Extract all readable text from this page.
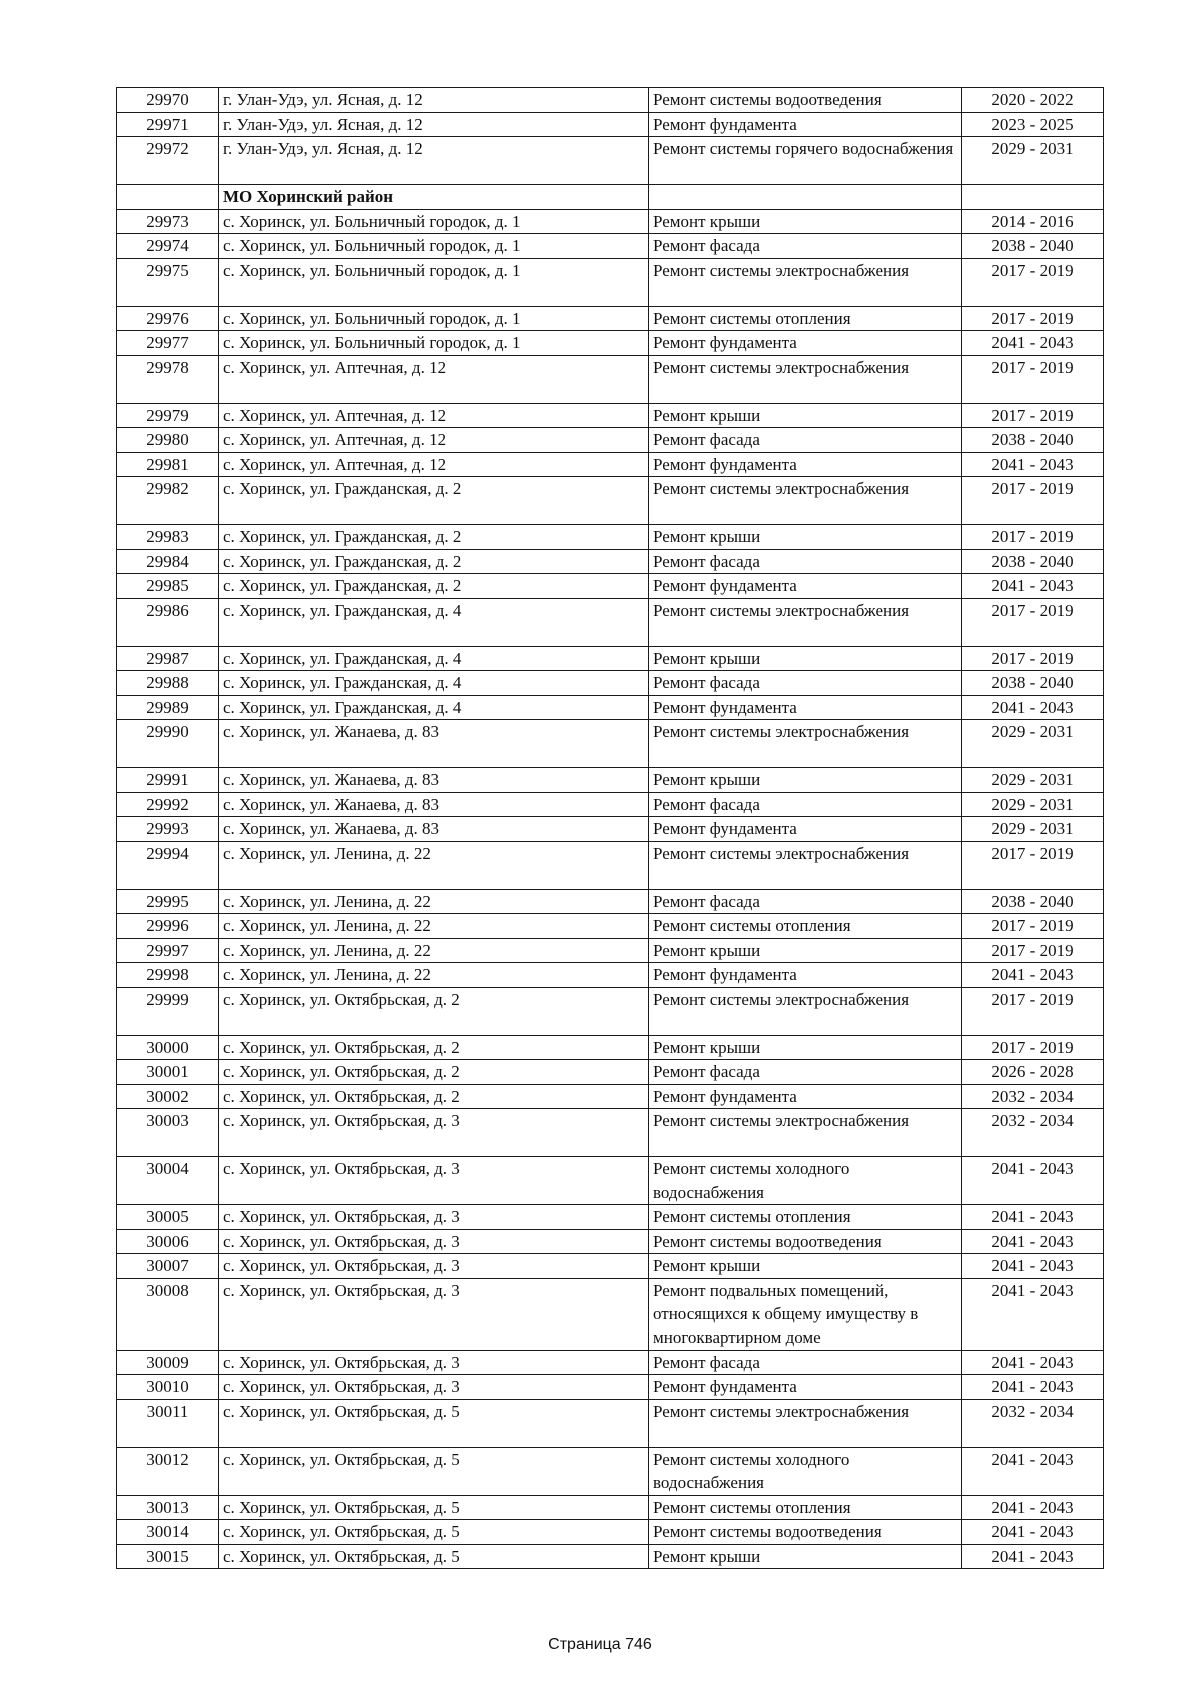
29970	г. Улан-Удэ, ул. Ясная, д. 12	Ремонт системы водоотведения	2020 - 2022
29971	г. Улан-Удэ, ул. Ясная, д. 12	Ремонт фундамента	2023 - 2025
29972	г. Улан-Удэ, ул. Ясная, д. 12	Ремонт системы горячего водоснабжения	2029 - 2031
	МО Хоринский район		
29973	с. Хоринск, ул. Больничный городок, д. 1	Ремонт крыши	2014 - 2016
29974	с. Хоринск, ул. Больничный городок, д. 1	Ремонт фасада	2038 - 2040
29975	с. Хоринск, ул. Больничный городок, д. 1	Ремонт системы электроснабжения	2017 - 2019
29976	с. Хоринск, ул. Больничный городок, д. 1	Ремонт системы отопления	2017 - 2019
29977	с. Хоринск, ул. Больничный городок, д. 1	Ремонт фундамента	2041 - 2043
29978	с. Хоринск, ул. Аптечная, д. 12	Ремонт системы электроснабжения	2017 - 2019
29979	с. Хоринск, ул. Аптечная, д. 12	Ремонт крыши	2017 - 2019
29980	с. Хоринск, ул. Аптечная, д. 12	Ремонт фасада	2038 - 2040
29981	с. Хоринск, ул. Аптечная, д. 12	Ремонт фундамента	2041 - 2043
29982	с. Хоринск, ул. Гражданская, д. 2	Ремонт системы электроснабжения	2017 - 2019
29983	с. Хоринск, ул. Гражданская, д. 2	Ремонт крыши	2017 - 2019
29984	с. Хоринск, ул. Гражданская, д. 2	Ремонт фасада	2038 - 2040
29985	с. Хоринск, ул. Гражданская, д. 2	Ремонт фундамента	2041 - 2043
29986	с. Хоринск, ул. Гражданская, д. 4	Ремонт системы электроснабжения	2017 - 2019
29987	с. Хоринск, ул. Гражданская, д. 4	Ремонт крыши	2017 - 2019
29988	с. Хоринск, ул. Гражданская, д. 4	Ремонт фасада	2038 - 2040
29989	с. Хоринск, ул. Гражданская, д. 4	Ремонт фундамента	2041 - 2043
29990	с. Хоринск, ул. Жанаева, д. 83	Ремонт системы электроснабжения	2029 - 2031
29991	с. Хоринск, ул. Жанаева, д. 83	Ремонт крыши	2029 - 2031
29992	с. Хоринск, ул. Жанаева, д. 83	Ремонт фасада	2029 - 2031
29993	с. Хоринск, ул. Жанаева, д. 83	Ремонт фундамента	2029 - 2031
29994	с. Хоринск, ул. Ленина, д. 22	Ремонт системы электроснабжения	2017 - 2019
29995	с. Хоринск, ул. Ленина, д. 22	Ремонт фасада	2038 - 2040
29996	с. Хоринск, ул. Ленина, д. 22	Ремонт системы отопления	2017 - 2019
29997	с. Хоринск, ул. Ленина, д. 22	Ремонт крыши	2017 - 2019
29998	с. Хоринск, ул. Ленина, д. 22	Ремонт фундамента	2041 - 2043
29999	с. Хоринск, ул. Октябрьская, д. 2	Ремонт системы электроснабжения	2017 - 2019
30000	с. Хоринск, ул. Октябрьская, д. 2	Ремонт крыши	2017 - 2019
30001	с. Хоринск, ул. Октябрьская, д. 2	Ремонт фасада	2026 - 2028
30002	с. Хоринск, ул. Октябрьская, д. 2	Ремонт фундамента	2032 - 2034
30003	с. Хоринск, ул. Октябрьская, д. 3	Ремонт системы электроснабжения	2032 - 2034
30004	с. Хоринск, ул. Октябрьская, д. 3	Ремонт системы холодного водоснабжения	2041 - 2043
30005	с. Хоринск, ул. Октябрьская, д. 3	Ремонт системы отопления	2041 - 2043
30006	с. Хоринск, ул. Октябрьская, д. 3	Ремонт системы водоотведения	2041 - 2043
30007	с. Хоринск, ул. Октябрьская, д. 3	Ремонт крыши	2041 - 2043
30008	с. Хоринск, ул. Октябрьская, д. 3	Ремонт подвальных помещений, относящихся к общему имуществу в многоквартирном доме	2041 - 2043
30009	с. Хоринск, ул. Октябрьская, д. 3	Ремонт фасада	2041 - 2043
30010	с. Хоринск, ул. Октябрьская, д. 3	Ремонт фундамента	2041 - 2043
30011	с. Хоринск, ул. Октябрьская, д. 5	Ремонт системы электроснабжения	2032 - 2034
30012	с. Хоринск, ул. Октябрьская, д. 5	Ремонт системы холодного водоснабжения	2041 - 2043
30013	с. Хоринск, ул. Октябрьская, д. 5	Ремонт системы отопления	2041 - 2043
30014	с. Хоринск, ул. Октябрьская, д. 5	Ремонт системы водоотведения	2041 - 2043
30015	с. Хоринск, ул. Октябрьская, д. 5	Ремонт крыши	2041 - 2043
Страница 746
